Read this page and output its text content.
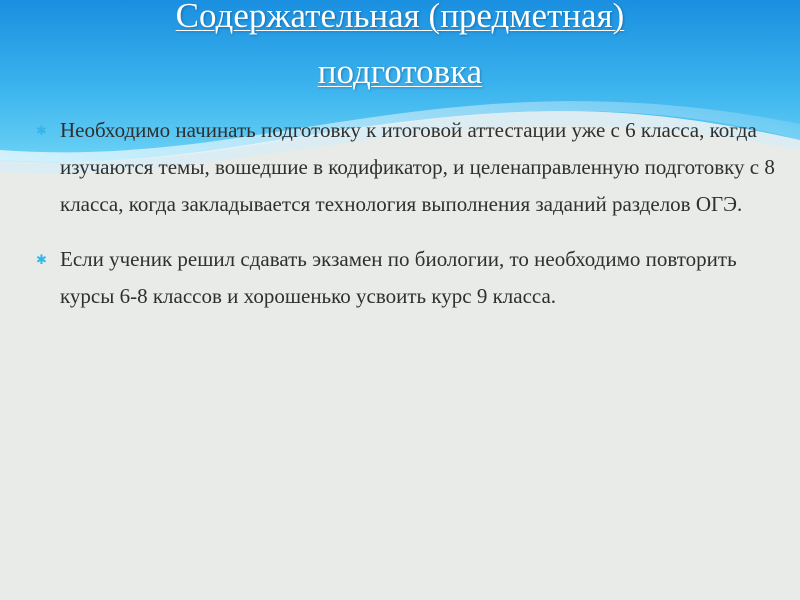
Содержательная (предметная)
подготовка
✱ Необходимо начинать подготовку к итоговой аттестации уже с 6 класса, когда изучаются темы, вошедшие в кодификатор, и целенаправленную подготовку с 8 класса, когда закладывается технология выполнения заданий разделов ОГЭ.
✱ Если ученик решил сдавать экзамен по биологии, то необходимо повторить курсы 6-8 классов и хорошенько усвоить курс 9 класса.
